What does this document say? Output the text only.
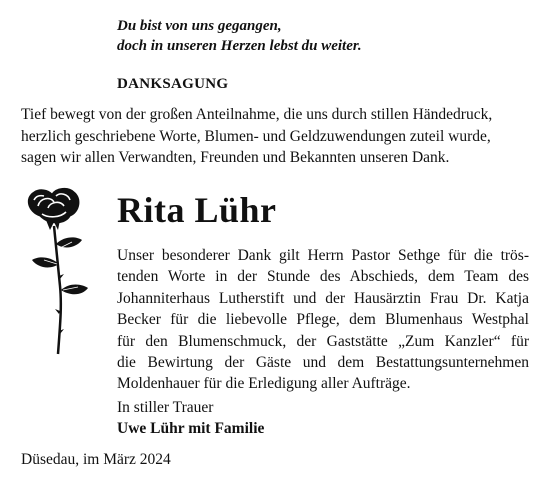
Du bist von uns gegangen,
doch in unseren Herzen lebst du weiter.
DANKSAGUNG
Tief bewegt von der großen Anteilnahme, die uns durch stillen Händedruck,
herzlich geschriebene Worte, Blumen- und Geldzuwendungen zuteil wurde,
sagen wir allen Verwandten, Freunden und Bekannten unseren Dank.
Rita Lühr
Unser besonderer Dank gilt Herrn Pastor Sethge für die trös-
tenden Worte in der Stunde des Abschieds, dem Team des
Johanniterhaus Lutherstift und der Hausärztin Frau Dr. Katja
Becker für die liebevolle Pflege, dem Blumenhaus Westphal
für den Blumenschmuck, der Gaststätte „Zum Kanzler“ für
die Bewirtung der Gäste und dem Bestattungsunternehmen
Moldenhauer für die Erledigung aller Aufträge.
In stiller Trauer
Uwe Lühr mit Familie
Düsedau, im März 2024
